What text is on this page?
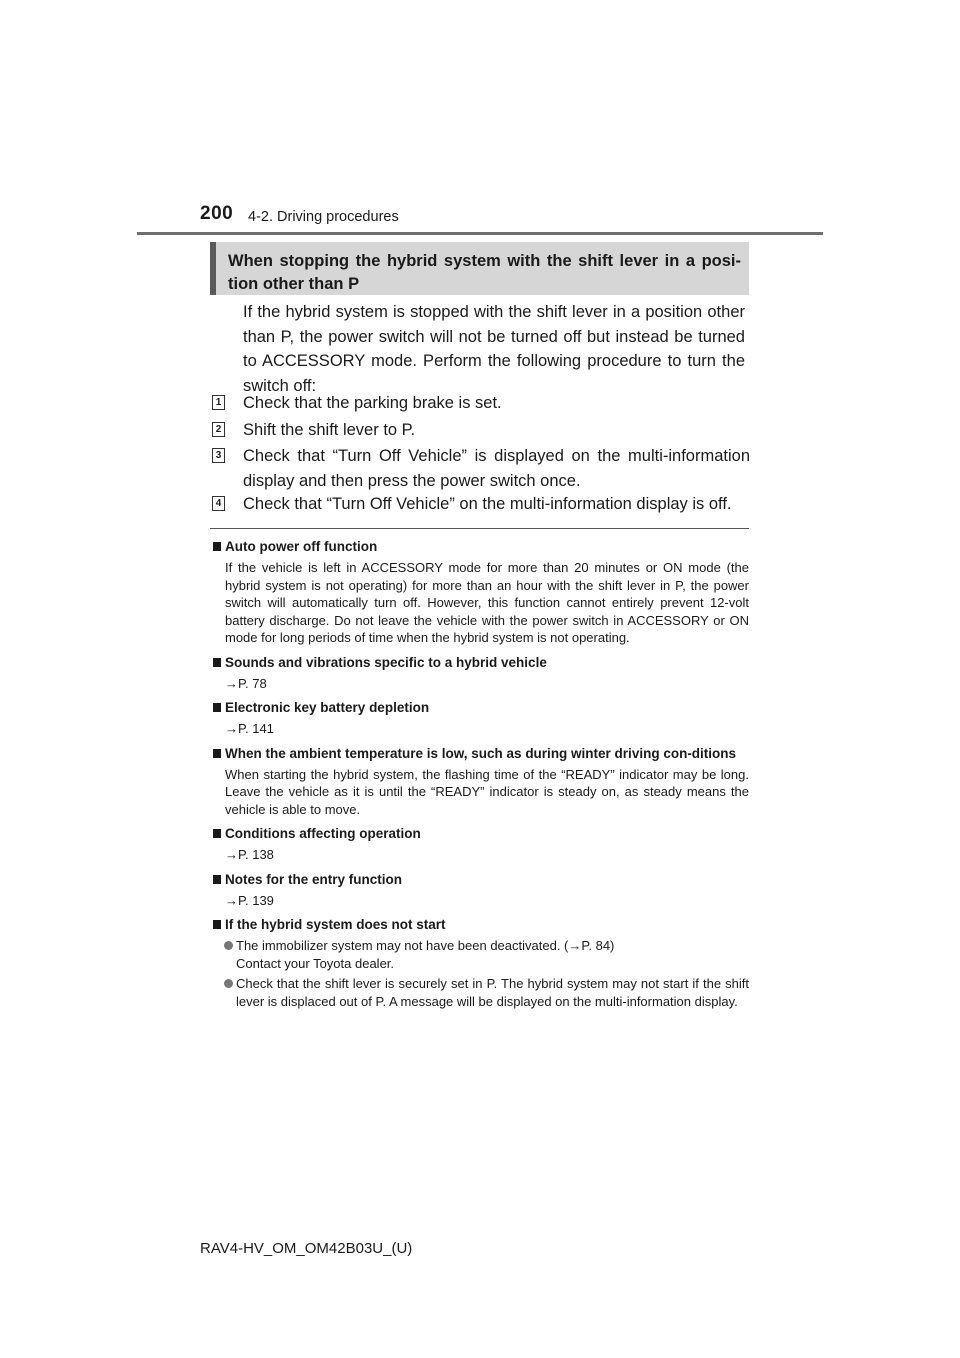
200 4-2. Driving procedures
When stopping the hybrid system with the shift lever in a posi-tion other than P

If the hybrid system is stopped with the shift lever in a position other than P, the power switch will not be turned off but instead be turned to ACCESSORY mode. Perform the following procedure to turn the switch off:

1 Check that the parking brake is set.
2 Shift the shift lever to P.
3 Check that “Turn Off Vehicle” is displayed on the multi-information display and then press the power switch once.
4 Check that “Turn Off Vehicle” on the multi-information display is off.
Auto power off function
If the vehicle is left in ACCESSORY mode for more than 20 minutes or ON mode (the hybrid system is not operating) for more than an hour with the shift lever in P, the power switch will automatically turn off. However, this function cannot entirely prevent 12-volt battery discharge. Do not leave the vehicle with the power switch in ACCESSORY or ON mode for long periods of time when the hybrid system is not operating.
Sounds and vibrations specific to a hybrid vehicle
→P. 78
Electronic key battery depletion
→P. 141
When the ambient temperature is low, such as during winter driving con-ditions
When starting the hybrid system, the flashing time of the “READY” indicator may be long. Leave the vehicle as it is until the “READY” indicator is steady on, as steady means the vehicle is able to move.
Conditions affecting operation
→P. 138
Notes for the entry function
→P. 139
If the hybrid system does not start
The immobilizer system may not have been deactivated. (→P. 84)
Contact your Toyota dealer.
Check that the shift lever is securely set in P. The hybrid system may not start if the shift lever is displaced out of P. A message will be displayed on the multi-information display.
RAV4-HV_OM_OM42B03U_(U)
